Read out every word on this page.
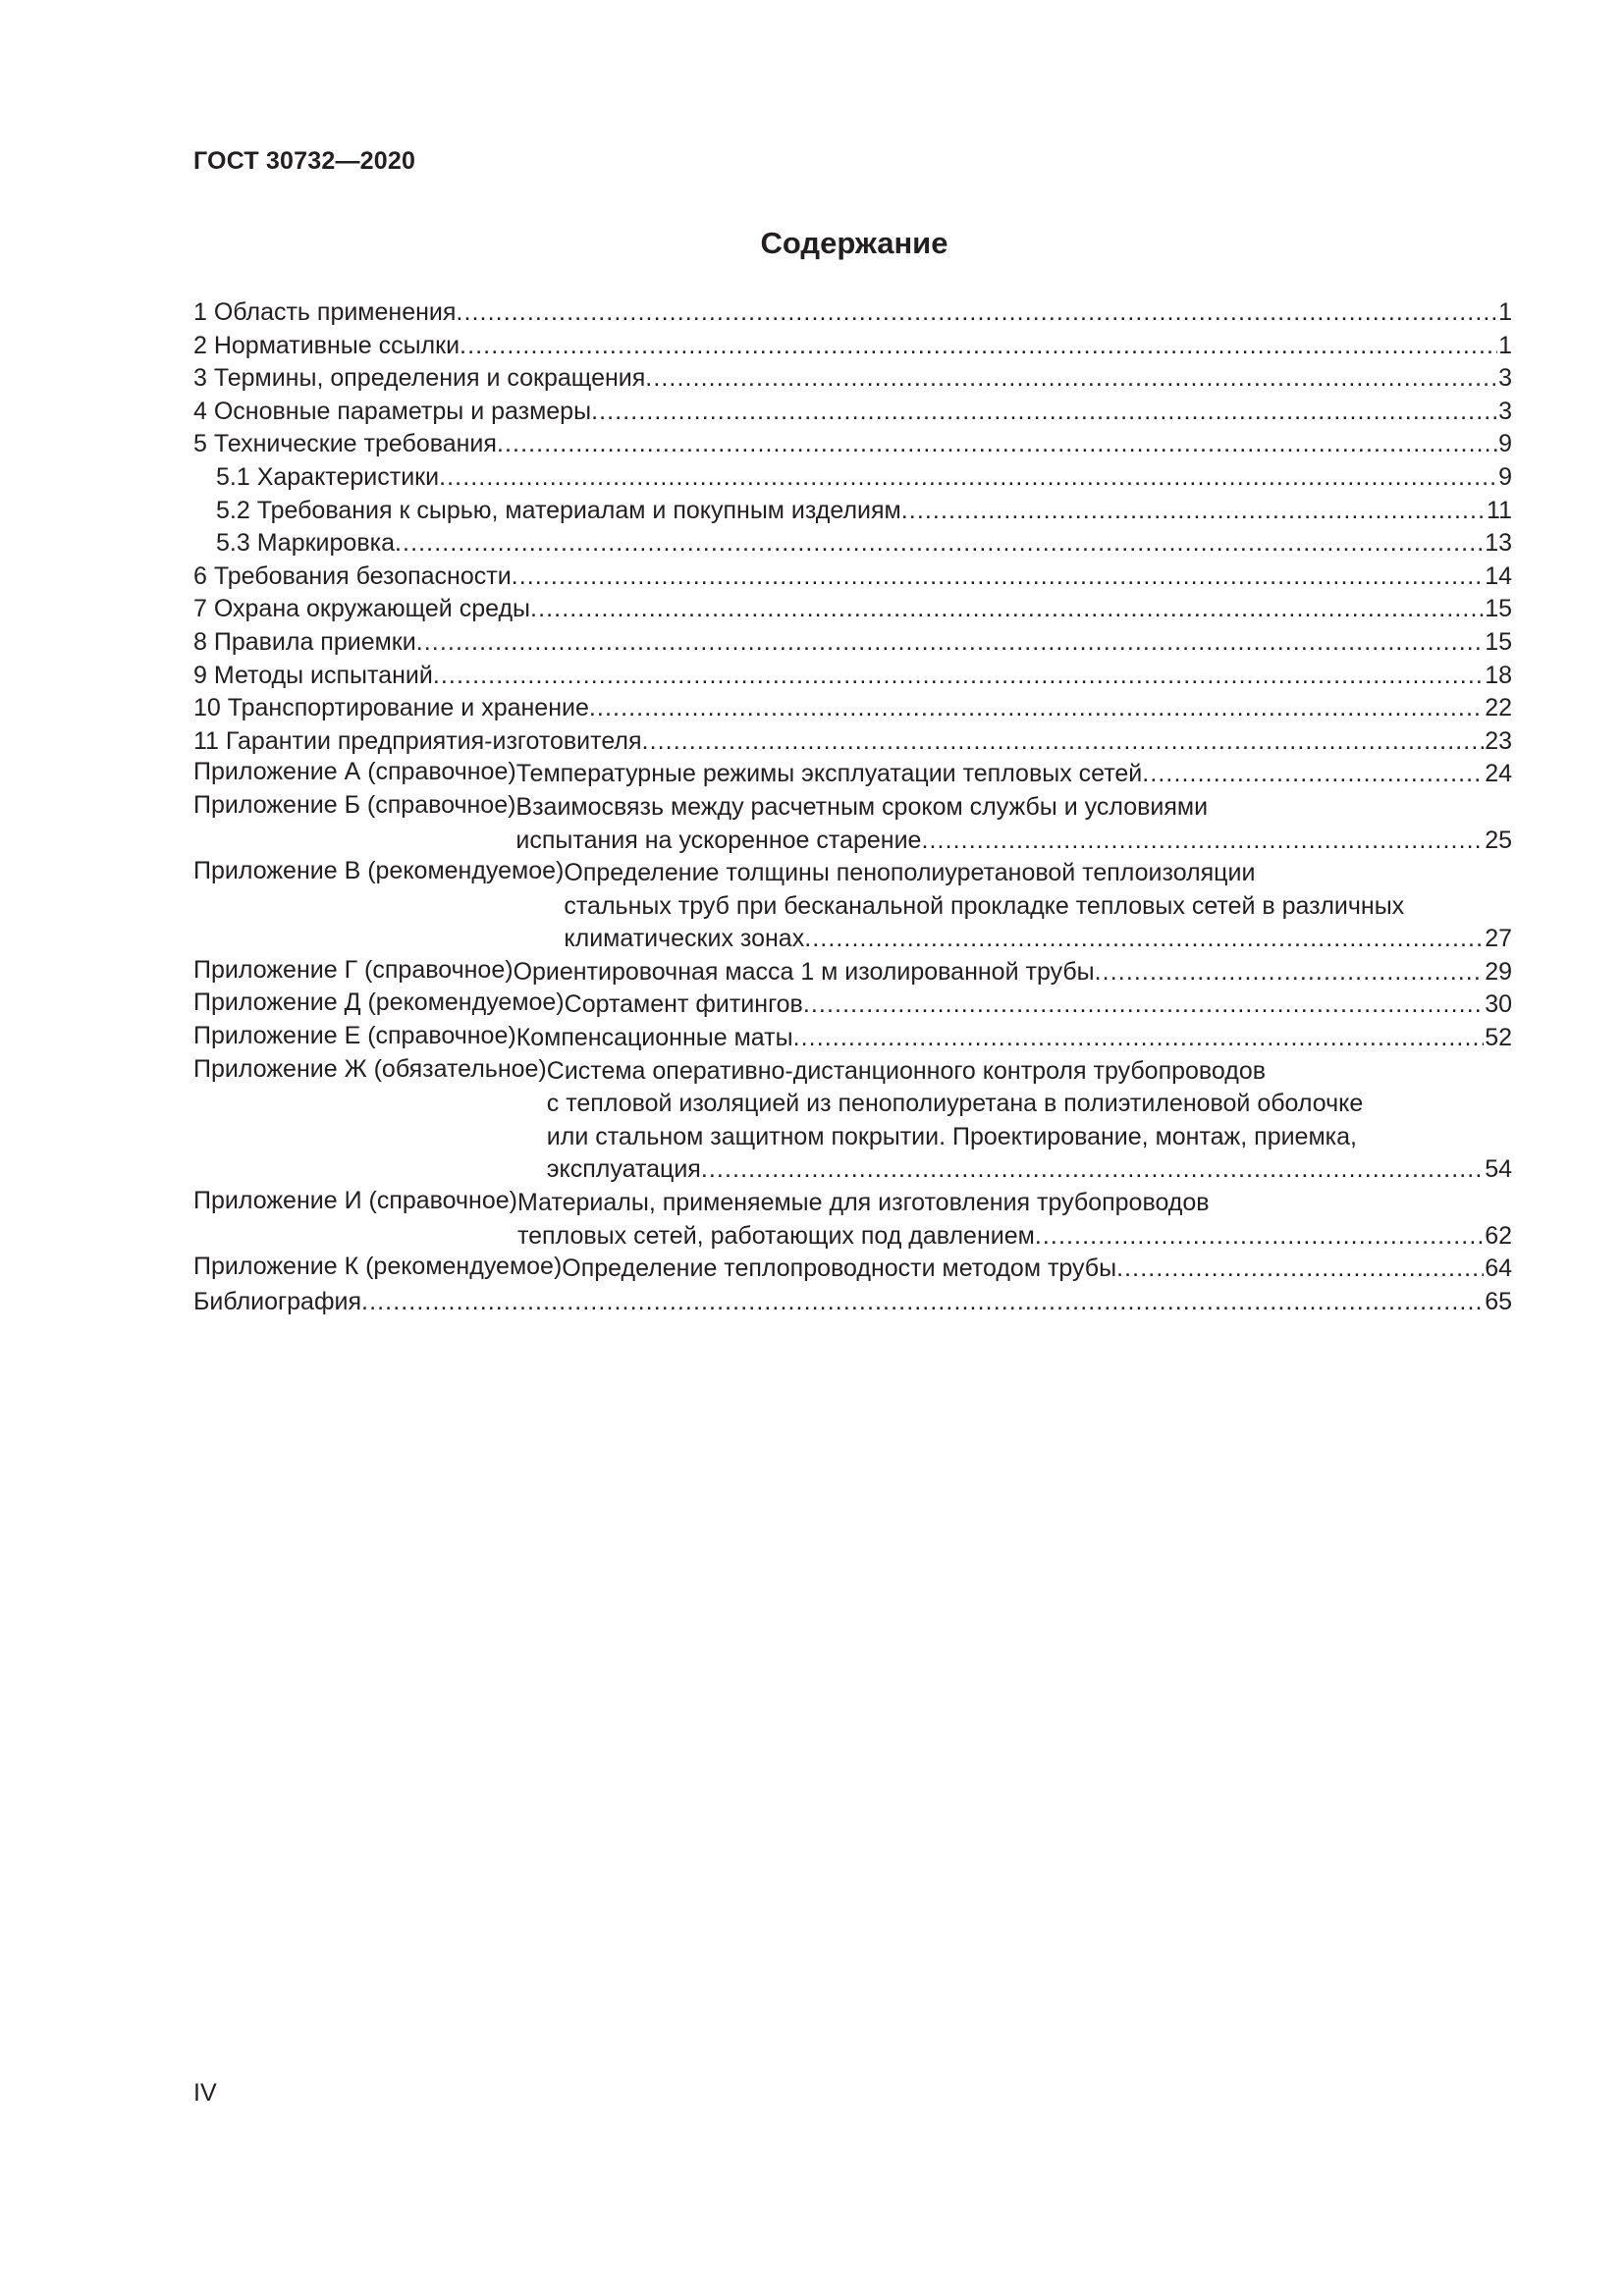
ГОСТ 30732—2020
Содержание
1 Область применения .....	1
2 Нормативные ссылки .....	1
3 Термины, определения и сокращения .....	3
4 Основные параметры и размеры .....	3
5 Технические требования .....	9
5.1 Характеристики .....	9
5.2 Требования к сырью, материалам и покупным изделиям .....	11
5.3 Маркировка .....	13
6 Требования безопасности .....	14
7 Охрана окружающей среды .....	15
8 Правила приемки .....	15
9 Методы испытаний .....	18
10 Транспортирование и хранение .....	22
11 Гарантии предприятия-изготовителя .....	23
Приложение А (справочное) Температурные режимы эксплуатации тепловых сетей .....	24
Приложение Б (справочное) Взаимосвязь между расчетным сроком службы и условиями
испытания на ускоренное старение .....	25
Приложение В (рекомендуемое) Определение толщины пенополиуретановой теплоизоляции
стальных труб при бесканальной прокладке тепловых сетей в различных
климатических зонах .....	27
Приложение Г (справочное) Ориентировочная масса 1 м изолированной трубы .....	29
Приложение Д (рекомендуемое) Сортамент фитингов .....	30
Приложение Е (справочное) Компенсационные маты .....	52
Приложение Ж (обязательное) Система оперативно-дистанционного контроля трубопроводов
с тепловой изоляцией из пенополиуретана в полиэтиленовой оболочке
или стальном защитном покрытии. Проектирование, монтаж, приемка,
эксплуатация .....	54
Приложение И (справочное) Материалы, применяемые для изготовления трубопроводов
тепловых сетей, работающих под давлением .....	62
Приложение К (рекомендуемое) Определение теплопроводности методом трубы .....	64
Библиография .....	65
IV
